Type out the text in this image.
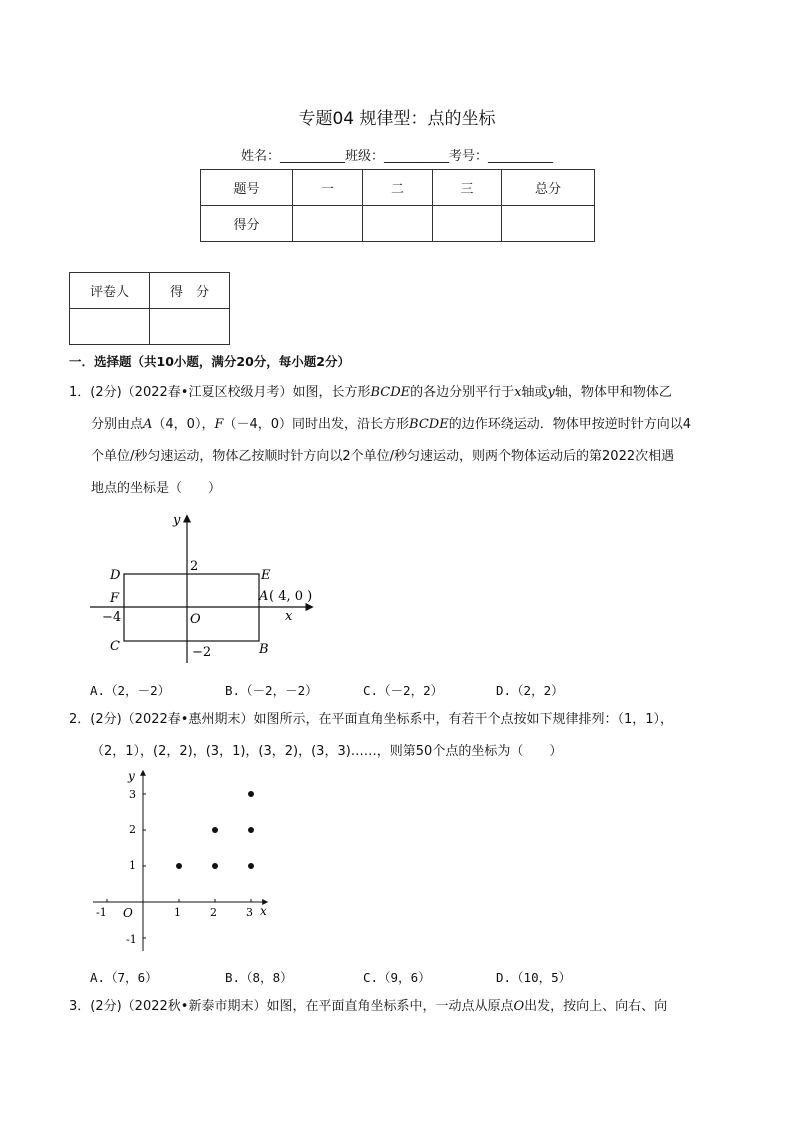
专题04 规律型：点的坐标
姓名：__________班级：__________考号：__________
题号	一	二	三	总分
得分				
评卷人	得　分

一．选择题（共10小题，满分20分，每小题2分）
1．(2分)（2022春•江夏区校级月考）如图，长方形BCDE的各边分别平行于x轴或y轴，物体甲和物体乙
分别由点A（4，0），F（－4，0）同时出发，沿长方形BCDE的边作环绕运动．物体甲按逆时针方向以4
个单位/秒匀速运动，物体乙按顺时针方向以2个单位/秒匀速运动，则两个物体运动后的第2022次相遇
地点的坐标是（　　）
y
x
2
−2
−4	O
D	E
F	A ( 4, 0 )
C	B
A.（2，－2）	B.（－2，－2）	C.（－2，2）	D.（2，2）
2．(2分)（2022春•惠州期末）如图所示，在平面直角坐标系中，有若干个点按如下规律排列：（1，1），
（2，1），(2，2)，(3，1)，(3，2)，(3，3)……，则第50个点的坐标为（　　）
y
x
O
-1	1	2	3
3
2
1
-1
A.（7，6）	B.（8，8）	C.（9，6）	D.（10，5）
3．(2分)（2022秋•新泰市期末）如图，在平面直角坐标系中，一动点从原点O出发，按向上、向右、向
